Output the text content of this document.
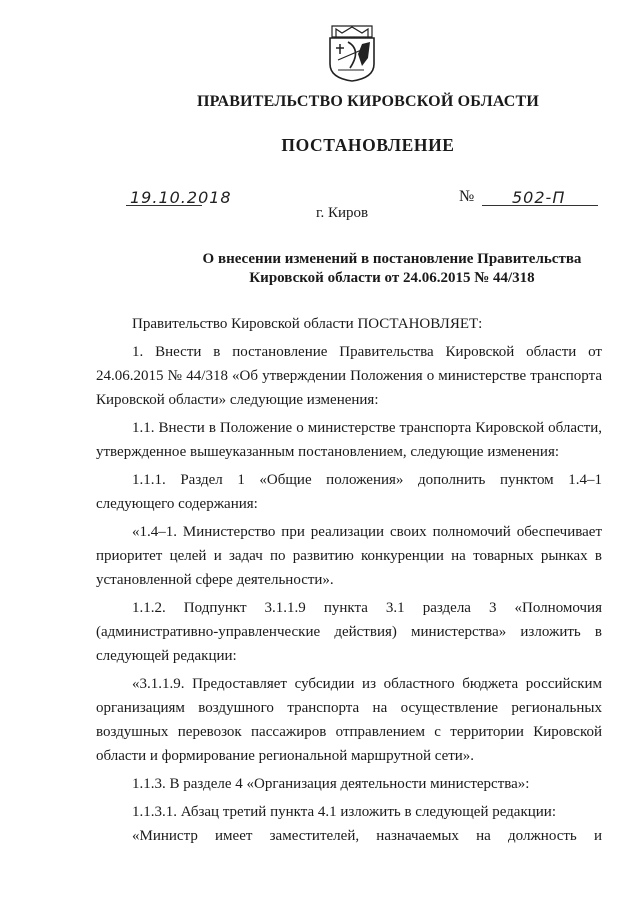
ПРАВИТЕЛЬСТВО КИРОВСКОЙ ОБЛАСТИ
ПОСТАНОВЛЕНИЕ
19.10.2018	№ 502-П
г. Киров
О внесении изменений в постановление Правительства
Кировской области от 24.06.2015 № 44/318

Правительство Кировской области ПОСТАНОВЛЯЕТ:

1. Внести в постановление Правительства Кировской области от 24.06.2015 № 44/318 «Об утверждении Положения о министерстве транспорта Кировской области» следующие изменения:

1.1. Внести в Положение о министерстве транспорта Кировской области, утвержденное вышеуказанным постановлением, следующие изменения:

1.1.1. Раздел 1 «Общие положения» дополнить пунктом 1.4–1 следующего содержания:

«1.4–1. Министерство при реализации своих полномочий обеспечивает приоритет целей и задач по развитию конкуренции на товарных рынках в установленной сфере деятельности».

1.1.2. Подпункт 3.1.1.9 пункта 3.1 раздела 3 «Полномочия (административно-управленческие действия) министерства» изложить в следующей редакции:

«3.1.1.9. Предоставляет субсидии из областного бюджета российским организациям воздушного транспорта на осуществление региональных воздушных перевозок пассажиров отправлением с территории Кировской области и формирование региональной маршрутной сети».

1.1.3. В разделе 4 «Организация деятельности министерства»:

1.1.3.1. Абзац третий пункта 4.1 изложить в следующей редакции:

«Министр имеет заместителей, назначаемых на должность и
